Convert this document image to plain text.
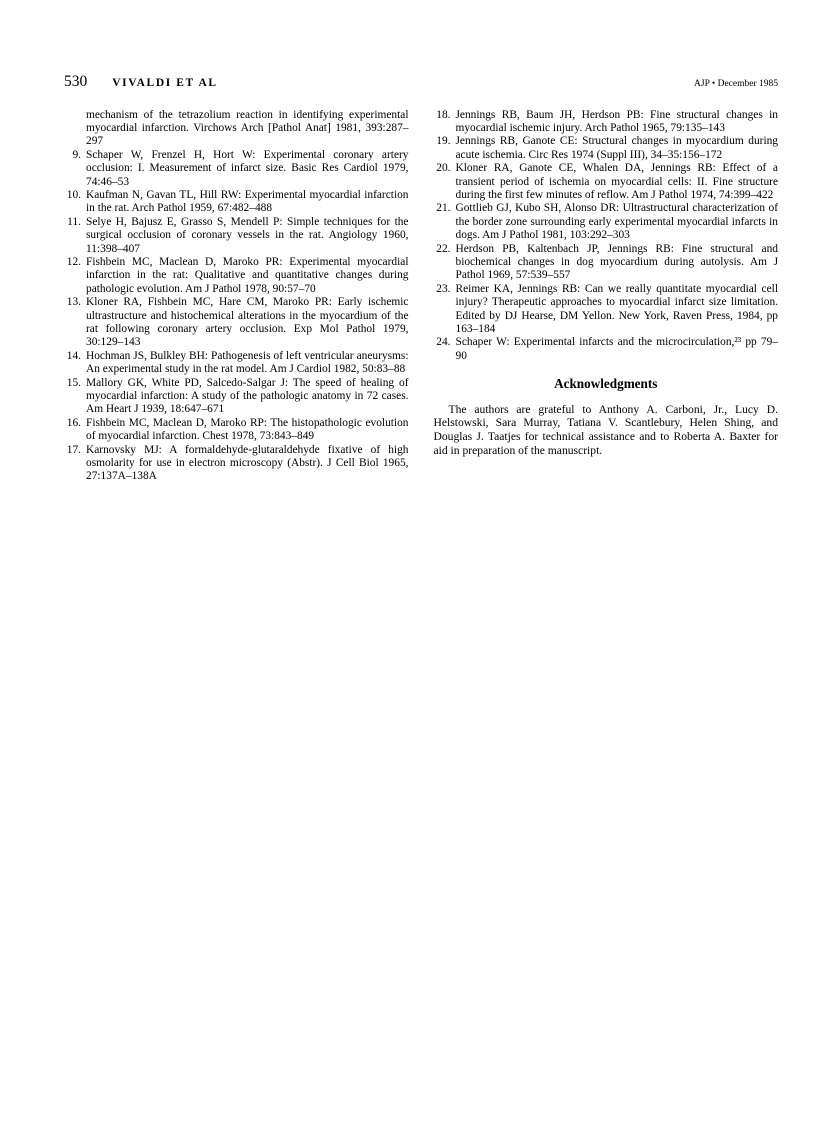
530 VIVALDI ET AL	AJP • December 1985
mechanism of the tetrazolium reaction in identifying experimental myocardial infarction. Virchows Arch [Pathol Anat] 1981, 393:287–297
9. Schaper W, Frenzel H, Hort W: Experimental coronary artery occlusion: I. Measurement of infarct size. Basic Res Cardiol 1979, 74:46–53
10. Kaufman N, Gavan TL, Hill RW: Experimental myocardial infarction in the rat. Arch Pathol 1959, 67:482–488
11. Selye H, Bajusz E, Grasso S, Mendell P: Simple techniques for the surgical occlusion of coronary vessels in the rat. Angiology 1960, 11:398–407
12. Fishbein MC, Maclean D, Maroko PR: Experimental myocardial infarction in the rat: Qualitative and quantitative changes during pathologic evolution. Am J Pathol 1978, 90:57–70
13. Kloner RA, Fishbein MC, Hare CM, Maroko PR: Early ischemic ultrastructure and histochemical alterations in the myocardium of the rat following coronary artery occlusion. Exp Mol Pathol 1979, 30:129–143
14. Hochman JS, Bulkley BH: Pathogenesis of left ventricular aneurysms: An experimental study in the rat model. Am J Cardiol 1982, 50:83–88
15. Mallory GK, White PD, Salcedo-Salgar J: The speed of healing of myocardial infarction: A study of the pathologic anatomy in 72 cases. Am Heart J 1939, 18:647–671
16. Fishbein MC, Maclean D, Maroko RP: The histopathologic evolution of myocardial infarction. Chest 1978, 73:843–849
17. Karnovsky MJ: A formaldehyde-glutaraldehyde fixative of high osmolarity for use in electron microscopy (Abstr). J Cell Biol 1965, 27:137A–138A
18. Jennings RB, Baum JH, Herdson PB: Fine structural changes in myocardial ischemic injury. Arch Pathol 1965, 79:135–143
19. Jennings RB, Ganote CE: Structural changes in myocardium during acute ischemia. Circ Res 1974 (Suppl III), 34–35:156–172
20. Kloner RA, Ganote CE, Whalen DA, Jennings RB: Effect of a transient period of ischemia on myocardial cells: II. Fine structure during the first few minutes of reflow. Am J Pathol 1974, 74:399–422
21. Gottlieb GJ, Kubo SH, Alonso DR: Ultrastructural characterization of the border zone surrounding early experimental myocardial infarcts in dogs. Am J Pathol 1981, 103:292–303
22. Herdson PB, Kaltenbach JP, Jennings RB: Fine structural and biochemical changes in dog myocardium during autolysis. Am J Pathol 1969, 57:539–557
23. Reimer KA, Jennings RB: Can we really quantitate myocardial cell injury? Therapeutic approaches to myocardial infarct size limitation. Edited by DJ Hearse, DM Yellon. New York, Raven Press, 1984, pp 163–184
24. Schaper W: Experimental infarcts and the microcirculation,²³ pp 79–90
Acknowledgments

The authors are grateful to Anthony A. Carboni, Jr., Lucy D. Helstowski, Sara Murray, Tatiana V. Scantlebury, Helen Shing, and Douglas J. Taatjes for technical assistance and to Roberta A. Baxter for aid in preparation of the manuscript.
